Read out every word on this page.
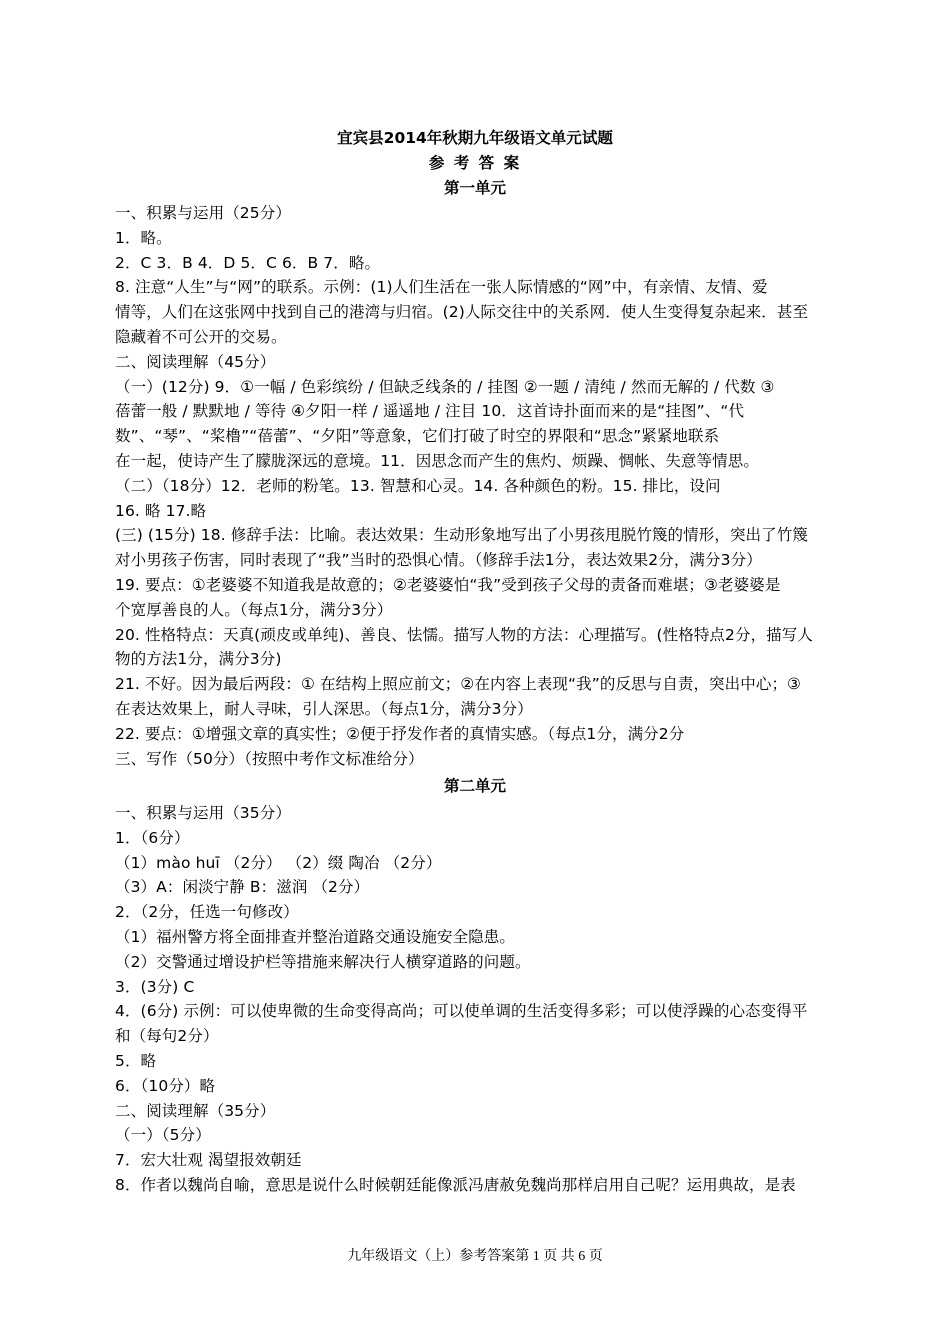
宜宾县2014年秋期九年级语文单元试题
参 考 答 案
第一单元
一、积累与运用（25分）
1．略。
2．C 3．B 4．D 5．C 6．B 7．略。
8. 注意“人生”与“网”的联系。示例：(1)人们生活在一张人际情感的“网”中，有亲情、友情、爱
情等，人们在这张网中找到自己的港湾与归宿。(2)人际交往中的关系网．使人生变得复杂起来．甚至
隐藏着不可公开的交易。
二、阅读理解（45分）
（一）(12分) 9．①一幅 / 色彩缤纷 / 但缺乏线条的 / 挂图 ②一题 / 清纯 / 然而无解的 / 代数 ③
蓓蕾一般 / 默默地 / 等待 ④夕阳一样 / 遥遥地 / 注目 10．这首诗扑面而来的是“挂图”、“代
数”、“琴”、“桨橹”“蓓蕾”、“夕阳”等意象，它们打破了时空的界限和“思念”紧紧地联系
在一起，使诗产生了朦胧深远的意境。11．因思念而产生的焦灼、烦躁、惆帐、失意等情思。
（二）（18分）12．老师的粉笔。13. 智慧和心灵。14. 各种颜色的粉。15. 排比，设问
16. 略 17.略
(三) (15分) 18. 修辞手法：比喻。表达效果：生动形象地写出了小男孩甩脱竹篾的情形，突出了竹篾
对小男孩子伤害，同时表现了“我”当时的恐惧心情。（修辞手法1分，表达效果2分，满分3分）
19. 要点：①老婆婆不知道我是故意的；②老婆婆怕“我”受到孩子父母的责备而难堪；③老婆婆是
个宽厚善良的人。（每点1分，满分3分）
20. 性格特点：天真(顽皮或单纯)、善良、怯懦。描写人物的方法：心理描写。(性格特点2分，描写人
物的方法1分，满分3分)
21. 不好。因为最后两段：① 在结构上照应前文；②在内容上表现“我”的反思与自责，突出中心；③
在表达效果上，耐人寻味，引人深思。（每点1分，满分3分）
22. 要点：①增强文章的真实性；②便于抒发作者的真情实感。（每点1分，满分2分
三、写作（50分）（按照中考作文标准给分）
第二单元
一、积累与运用（35分）
1．（6分）
（1）mào huī （2分） （2）缀 陶冶 （2分）
（3）A：闲淡宁静 B：滋润 （2分）
2．（2分，任选一句修改）
（1）福州警方将全面排查并整治道路交通设施安全隐患。
（2）交警通过增设护栏等措施来解决行人横穿道路的问题。
3．(3分) C
4．(6分) 示例：可以使卑微的生命变得高尚；可以使单调的生活变得多彩；可以使浮躁的心态变得平
和（每句2分）
5．略
6．（10分）略
二、阅读理解（35分）
（一）（5分）
7．宏大壮观 渴望报效朝廷
8．作者以魏尚自喻，意思是说什么时候朝廷能像派冯唐赦免魏尚那样启用自己呢？运用典故，是表
九年级语文（上）参考答案第 1 页 共 6 页
